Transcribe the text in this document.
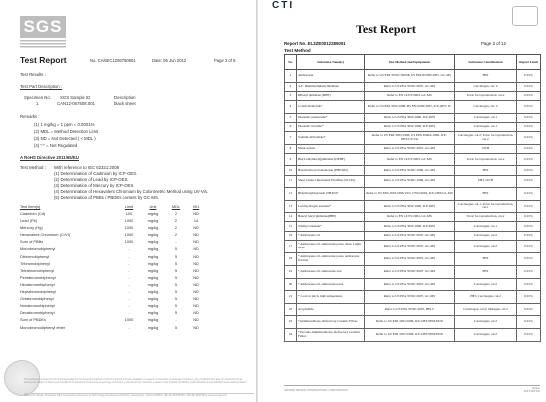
SGS
Test Report	No. CANEC1206760801	Date: 06 Jun 2012	Page 2 of 8
Test Results :
Test Part Description :
Specimen No. SGS Sample ID	Description
1	CAN12-067608.001	black sheet
Remarks :
(1) 1 mg/kg = 1 ppm = 0.0001%
(2) MDL = Method Detection Limit
(3) ND = Not Detected ( < MDL )
(4) "-" = Not Regulated
A RoHS Directive 2011/65/EU
Test Method : With reference to IEC 62321:2008
(1) Determination of Cadmium by ICP-OES.
(2) Determination of Lead by ICP-OES.
(3) Determination of Mercury by ICP-OES.
(4) Determination of Hexavalent Chromium by Colorimetric Method using UV-Vis.
(5) Determination of PBBs / PBDEs content by GC-MS.
Test Item(s)	Limit	Unit	MDL	001
Cadmium (Cd)	100	mg/kg	2	ND
Lead (Pb)	1000	mg/kg	2	14
Mercury (Hg)	1000	mg/kg	2	ND
Hexavalent Chromium (CrVI)	1000	mg/kg	2	ND
Sum of PBBs	1000	mg/kg	-	ND
Monobromobiphenyl	-	mg/kg	5	ND
Dibromobiphenyl	-	mg/kg	5	ND
Tribromobiphenyl	-	mg/kg	5	ND
Tetrabromobiphenyl	-	mg/kg	5	ND
Pentabromobiphenyl	-	mg/kg	5	ND
Hexabromobiphenyl	-	mg/kg	5	ND
Heptabromobiphenyl	-	mg/kg	5	ND
Octabromobiphenyl	-	mg/kg	5	ND
Nonabromobiphenyl	-	mg/kg	5	ND
Decabromobiphenyl	-	mg/kg	5	ND
Sum of PBDEs	1000	mg/kg	-	ND
Monobromodiphenyl ether	-	mg/kg	5	ND
This document is issued by the Company subject to its General Conditions of Service printed overleaf, available on request or accessible at www.sgs.com/terms_and_conditions.htm and, for electronic format documents, subject to Terms and Conditions for Electronic Documents at www.sgs.com/terms_e-document.htm. Attention is drawn to the limitation of liability, indemnification and jurisdiction issues defined therein.
198 Kezhu Road, Scientech Park Guangzhou Economic & Technology Development District, Guangzhou, China 510663 t (86-20) 82155555 f (86-20) 82075113 www.cn.sgs.com
CTI
Test Report
Report No. EL3ZE0012285001	Page 3 of 12
Test Method
No.	Substance Name(s)	Test Method and Equipments	Substance Classification	Report Limit
1	Anthracene	Refer to US EPA 3550C:2007& US EPA 8270D:2007, GC-MS	PBT	0.01%
2	4,4'- Diaminodiphenylmethane	Refer to US EPA 3550C:2007, GC-MS	Carcinogen, cat. 2	0.01%
3	Dibutyl phthalate (DBP)	Refer to EN 14372:2004, GC-MS	Toxic for reproduction, cat.2	0.01%
4	Cobalt dichloride*	Refer to US EPA 3052:1996/ BS EN14582:2007, ICP-OES/ IC	Carcinogen, cat. 2	0.01%
5	Diarsenic pentaoxide*	Refer to US EPA 3052:1996, ICP-OES	Carcinogen, cat.1	0.01%
6	Diarsenic trioxide*	Refer to US EPA 3052:1996, ICP-OES	Carcinogen, cat.1	0.01%
7	Sodium dichromate*	Refer to US EPA 3052:1996, US EPA 3060A:1996, ICP-OES/UV-Vis	Carcinogen, cat.2; Toxic for reproduction, cat.2	0.01%
8	Musk xylene	Refer to US EPA 3550C:2007, GC-MS	vPvB	0.01%
9	Bis(2-ethylhexyl)phthalate (DEHP)	Refer to EN 14372:2004, GC-MS	Toxic for reproduction, cat.2	0.01%
10	Hexabromocyclododecane (HBCDD)	Refer to US EPA 3540C:1996, GC-MS	PBT	0.01%
11	Short Chain Chlorinated Paraffins (SCCPs)	Refer to US EPA 3540C:1996, GC-MS	PBT, vPvB	0.01%
12	Bis(tributyltin)oxide (TBTO)*	Refer to US EPA 3052:1996/ ISO 17353:2004, ICP-OES/GC-MS	PBT	0.01%
13	Lead hydrogen arsenate*	Refer to US EPA 3052:1996, ICP-OES	Carcinogen, cat.1; Toxic for reproduction, cat.1	0.01%
14	Benzyl butyl phthalate(BBP)	Refer to EN 14372:2004, GC-MS	Toxic for reproduction, cat.2	0.01%
15	Triethyl arsenate*	Refer to US EPA 3052:1996, ICP-OES	Carcinogen, cat.1	0.01%
16	* Anthracene oil	Refer to US EPA 3550C:2007, GC-MS	Carcinogen, cat.2	0.01%
17	* Anthracene oil, anthracene paste, distn. Lights ****	Refer to US EPA 3550C:2007, GC-MS	Carcinogen, cat.2	0.01%
18	* Anthracene oil, anthracene paste, anthracene fraction	Refer to US EPA 3550C:2007, GC-MS	PBT	0.01%
19	* Anthracene oil, anthracene-low	Refer to US EPA 3550C:2007, GC-MS	PBT	0.01%
20	* Anthracene oil, anthracene paste	Refer to US EPA 3550C:2007, GC-MS	Carcinogen, cat.2	0.01%
21	* Coal tar pitch, high temperature	Refer to US EPA 3550C:2007, GC-MS	PBT, Carcinogen, cat.2	0.01%
22	Acrylamide	Refer to US EPA 3550C:2007, HPLC	Carcinogen, cat.2; Mutagen, cat.2	0.01%
23	*Aluminosilicate, Refractory Ceramic Fibres	Refer to US EPA 3052:1996, ICP-OES/SEM-EDX	Carcinogen, cat.2	0.01%
24	*Zirconia Aluminosilicate, Refractory Ceramic Fibres	Refer to US EPA 3052:1996, ICP-OES/SEM-EDX	Carcinogen, cat.2	0.01%
CENTRE TESTING INTERNATIONAL CORPORATION
Hotline
400-6788-333
